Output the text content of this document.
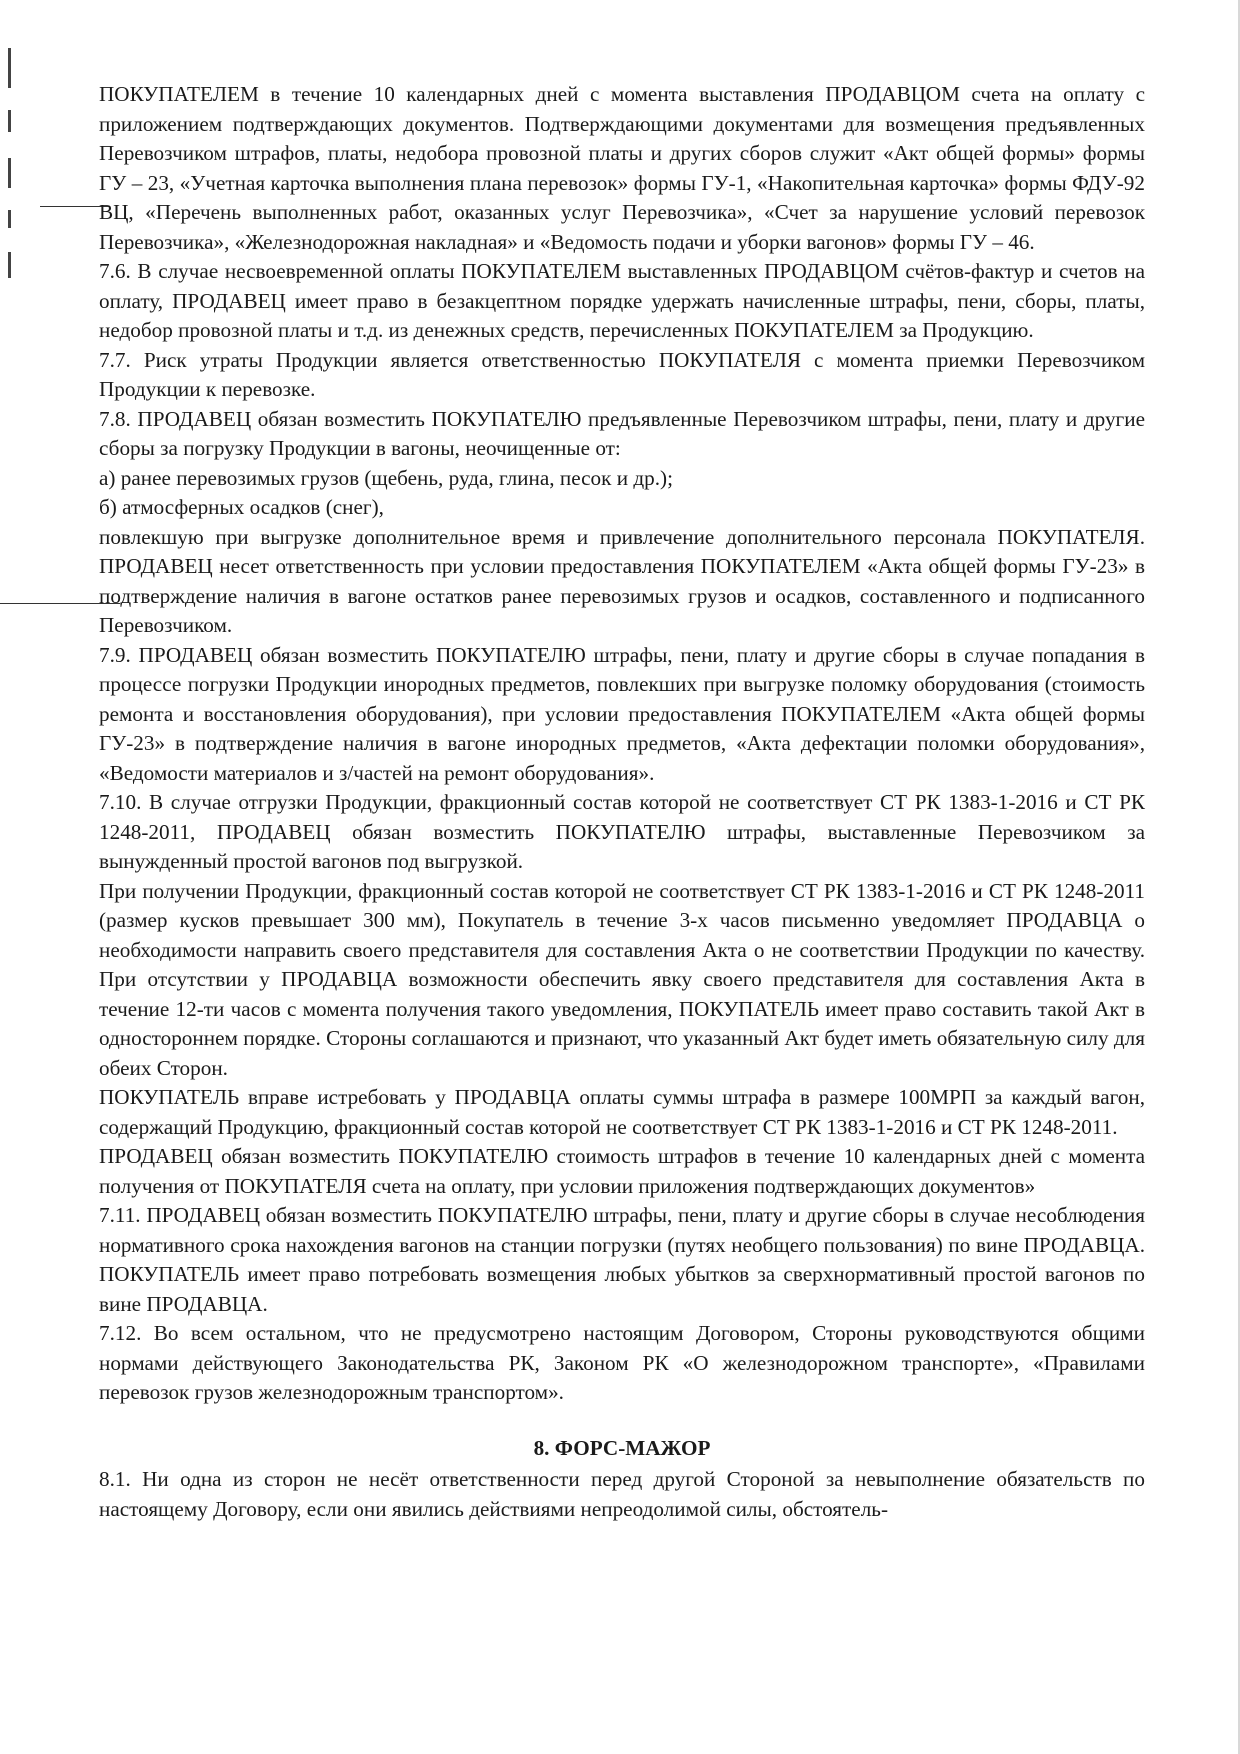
ПОКУПАТЕЛЕМ в течение 10 календарных дней с момента выставления ПРОДАВЦОМ счета на оплату с приложением подтверждающих документов. Подтверждающими документами для возмещения предъявленных Перевозчиком штрафов, платы, недобора провозной платы и других сборов служит «Акт общей формы» формы ГУ – 23, «Учетная карточка выполнения плана перевозок» формы ГУ-1, «Накопительная карточка» формы ФДУ-92 ВЦ, «Перечень выполненных работ, оказанных услуг Перевозчика», «Счет за нарушение условий перевозок Перевозчика», «Железнодорожная накладная» и «Ведомость подачи и уборки вагонов» формы ГУ – 46.

7.6. В случае несвоевременной оплаты ПОКУПАТЕЛЕМ выставленных ПРОДАВЦОМ счётов-фактур и счетов на оплату, ПРОДАВЕЦ имеет право в безакцептном порядке удержать начисленные штрафы, пени, сборы, платы, недобор провозной платы и т.д. из денежных средств, перечисленных ПОКУПАТЕЛЕМ за Продукцию.

7.7. Риск утраты Продукции является ответственностью ПОКУПАТЕЛЯ с момента приемки Перевозчиком Продукции к перевозке.

7.8. ПРОДАВЕЦ обязан возместить ПОКУПАТЕЛЮ предъявленные Перевозчиком штрафы, пени, плату и другие сборы за погрузку Продукции в вагоны, неочищенные от:

а) ранее перевозимых грузов (щебень, руда, глина, песок и др.);

б) атмосферных осадков (снег),

повлекшую при выгрузке дополнительное время и привлечение дополнительного персонала ПОКУПАТЕЛЯ. ПРОДАВЕЦ несет ответственность при условии предоставления ПОКУПАТЕЛЕМ «Акта общей формы ГУ-23» в подтверждение наличия в вагоне остатков ранее перевозимых грузов и осадков, составленного и подписанного Перевозчиком.

7.9. ПРОДАВЕЦ обязан возместить ПОКУПАТЕЛЮ штрафы, пени, плату и другие сборы в случае попадания в процессе погрузки Продукции инородных предметов, повлекших при выгрузке поломку оборудования (стоимость ремонта и восстановления оборудования), при условии предоставления ПОКУПАТЕЛЕМ «Акта общей формы ГУ-23» в подтверждение наличия в вагоне инородных предметов, «Акта дефектации поломки оборудования», «Ведомости материалов и з/частей на ремонт оборудования».

7.10. В случае отгрузки Продукции, фракционный состав которой не соответствует СТ РК 1383-1-2016 и СТ РК 1248-2011, ПРОДАВЕЦ обязан возместить ПОКУПАТЕЛЮ штрафы, выставленные Перевозчиком за вынужденный простой вагонов под выгрузкой.

При получении Продукции, фракционный состав которой не соответствует СТ РК 1383-1-2016 и СТ РК 1248-2011 (размер кусков превышает 300 мм), Покупатель в течение 3-х часов письменно уведомляет ПРОДАВЦА о необходимости направить своего представителя для составления Акта о не соответствии Продукции по качеству. При отсутствии у ПРОДАВЦА возможности обеспечить явку своего представителя для составления Акта в течение 12-ти часов с момента получения такого уведомления, ПОКУПАТЕЛЬ имеет право составить такой Акт в одностороннем порядке. Стороны соглашаются и признают, что указанный Акт будет иметь обязательную силу для обеих Сторон.

ПОКУПАТЕЛЬ вправе истребовать у ПРОДАВЦА оплаты суммы штрафа в размере 100МРП за каждый вагон, содержащий Продукцию, фракционный состав которой не соответствует СТ РК 1383-1-2016 и СТ РК 1248-2011.

ПРОДАВЕЦ обязан возместить ПОКУПАТЕЛЮ стоимость штрафов в течение 10 календарных дней с момента получения от ПОКУПАТЕЛЯ счета на оплату, при условии приложения подтверждающих документов»

7.11. ПРОДАВЕЦ обязан возместить ПОКУПАТЕЛЮ штрафы, пени, плату и другие сборы в случае несоблюдения нормативного срока нахождения вагонов на станции погрузки (путях необщего пользования) по вине ПРОДАВЦА. ПОКУПАТЕЛЬ имеет право потребовать возмещения любых убытков за сверхнормативный простой вагонов по вине ПРОДАВЦА.

7.12. Во всем остальном, что не предусмотрено настоящим Договором, Стороны руководствуются общими нормами действующего Законодательства РК, Законом РК «О железнодорожном транспорте», «Правилами перевозок грузов железнодорожным транспортом».

8. ФОРС-МАЖОР

8.1. Ни одна из сторон не несёт ответственности перед другой Стороной за невыполнение обязательств по настоящему Договору, если они явились действиями непреодолимой силы, обстоятель-
